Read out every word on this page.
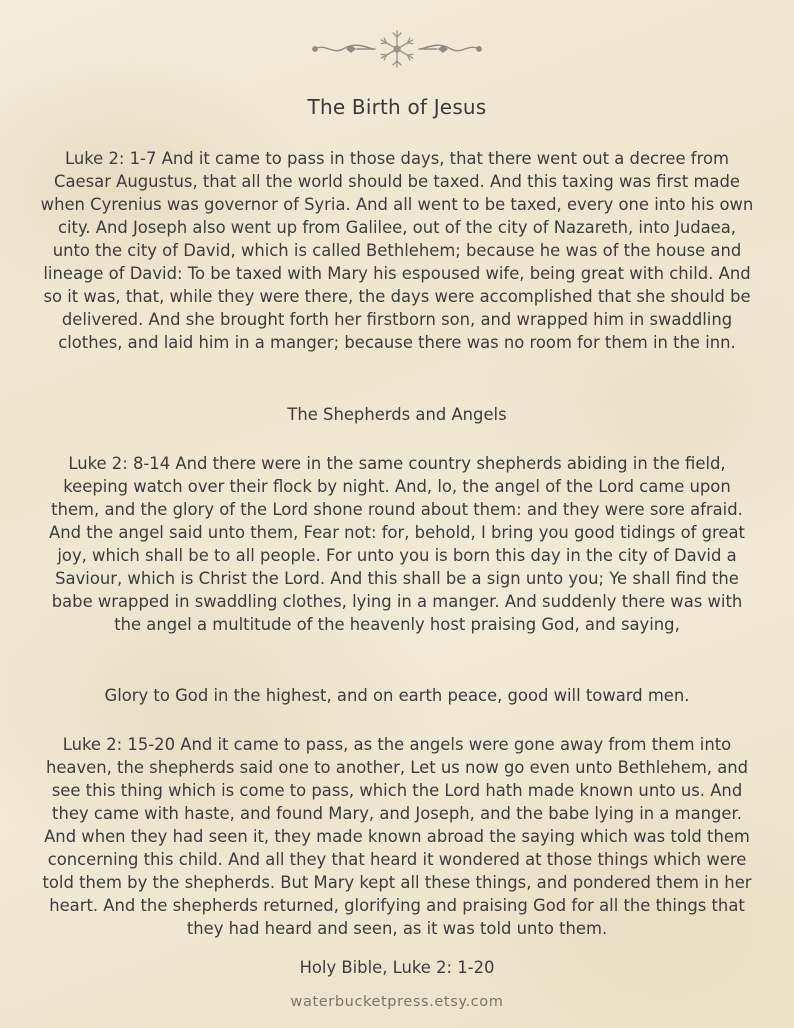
The Birth of Jesus
Luke 2: 1-7 And it came to pass in those days, that there went out a decree from Caesar Augustus, that all the world should be taxed. And this taxing was first made when Cyrenius was governor of Syria. And all went to be taxed, every one into his own city. And Joseph also went up from Galilee, out of the city of Nazareth, into Judaea, unto the city of David, which is called Bethlehem; because he was of the house and lineage of David: To be taxed with Mary his espoused wife, being great with child. And so it was, that, while they were there, the days were accomplished that she should be delivered. And she brought forth her firstborn son, and wrapped him in swaddling clothes, and laid him in a manger; because there was no room for them in the inn.
The Shepherds and Angels
Luke 2: 8-14 And there were in the same country shepherds abiding in the field, keeping watch over their flock by night. And, lo, the angel of the Lord came upon them, and the glory of the Lord shone round about them: and they were sore afraid. And the angel said unto them, Fear not: for, behold, I bring you good tidings of great joy, which shall be to all people. For unto you is born this day in the city of David a Saviour, which is Christ the Lord. And this shall be a sign unto you; Ye shall find the babe wrapped in swaddling clothes, lying in a manger. And suddenly there was with the angel a multitude of the heavenly host praising God, and saying,
Glory to God in the highest, and on earth peace, good will toward men.
Luke 2: 15-20 And it came to pass, as the angels were gone away from them into heaven, the shepherds said one to another, Let us now go even unto Bethlehem, and see this thing which is come to pass, which the Lord hath made known unto us. And they came with haste, and found Mary, and Joseph, and the babe lying in a manger. And when they had seen it, they made known abroad the saying which was told them concerning this child. And all they that heard it wondered at those things which were told them by the shepherds. But Mary kept all these things, and pondered them in her heart. And the shepherds returned, glorifying and praising God for all the things that they had heard and seen, as it was told unto them.
Holy Bible, Luke 2: 1-20
waterbucketpress.etsy.com
